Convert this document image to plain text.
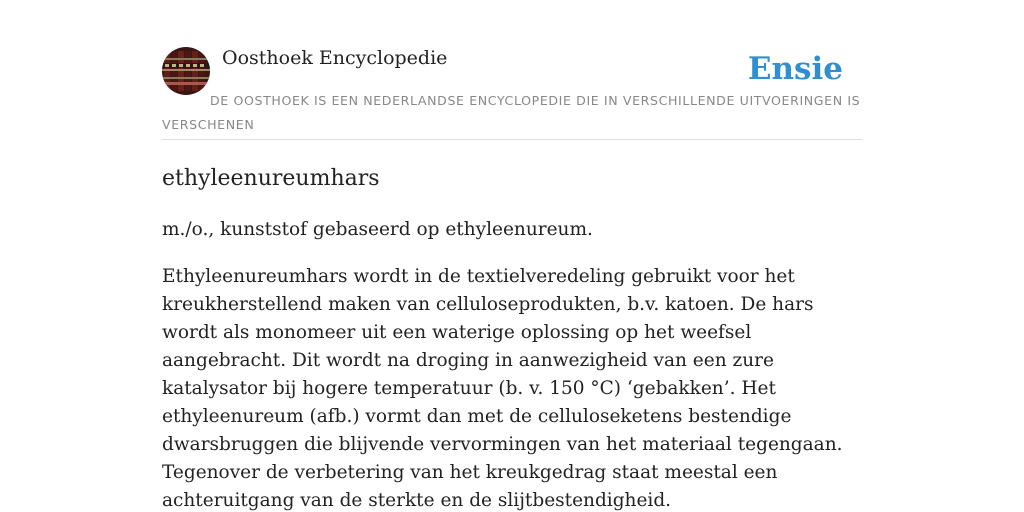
Oosthoek Encyclopedie	Ensie
DE OOSTHOEK IS EEN NEDERLANDSE ENCYCLOPEDIE DIE IN VERSCHILLENDE UITVOERINGEN IS VERSCHENEN
ethyleenureumhars

m./o., kunststof gebaseerd op ethyleenureum.

Ethyleenureumhars wordt in de textielveredeling gebruikt voor het kreukherstellend maken van celluloseprodukten, b.v. katoen. De hars wordt als monomeer uit een waterige oplossing op het weefsel aangebracht. Dit wordt na droging in aanwezigheid van een zure katalysator bij hogere temperatuur (b. v. 150 °C) ‘gebakken’. Het ethyleenureum (afb.) vormt dan met de celluloseketens bestendige dwarsbruggen die blijvende vervormingen van het materiaal tegengaan. Tegenover de verbetering van het kreukgedrag staat meestal een achteruitgang van de sterkte en de slijtbestendigheid.
